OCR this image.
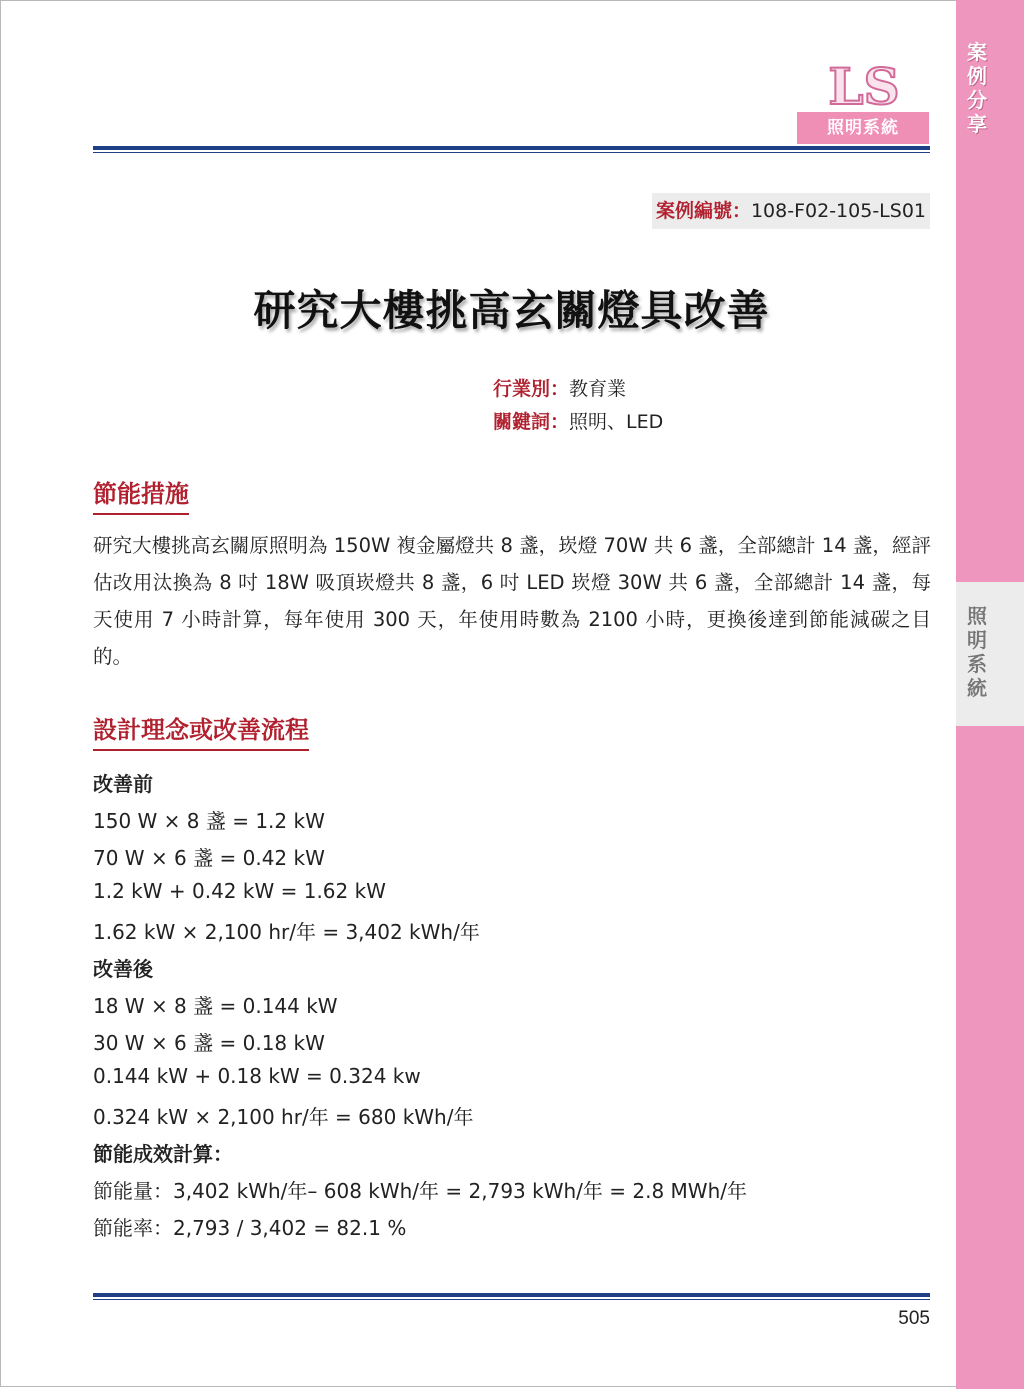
案例分享
照明系統
LS
照明系統
案例編號：108-F02-105-LS01
研究大樓挑高玄關燈具改善
行業別：教育業
關鍵詞：照明、LED
節能措施
研究大樓挑高玄關原照明為 150W 複金屬燈共 8 盞，崁燈 70W 共 6 盞，全部總計 14 盞，經評估改用汰換為 8 吋 18W 吸頂崁燈共 8 盞，6 吋 LED 崁燈 30W 共 6 盞，全部總計 14 盞，每天使用 7 小時計算，每年使用 300 天，年使用時數為 2100 小時，更換後達到節能減碳之目的。
設計理念或改善流程
改善前
150 W × 8 盞 = 1.2 kW
70 W × 6 盞 = 0.42 kW
1.2 kW + 0.42 kW = 1.62 kW
1.62 kW × 2,100 hr/年 = 3,402 kWh/年
改善後
18 W × 8 盞 = 0.144 kW
30 W × 6 盞 = 0.18 kW
0.144 kW + 0.18 kW = 0.324 kw
0.324 kW × 2,100 hr/年 = 680 kWh/年
節能成效計算：
節能量：3,402 kWh/年– 608 kWh/年 = 2,793 kWh/年 = 2.8 MWh/年
節能率：2,793 / 3,402 = 82.1 %
505
